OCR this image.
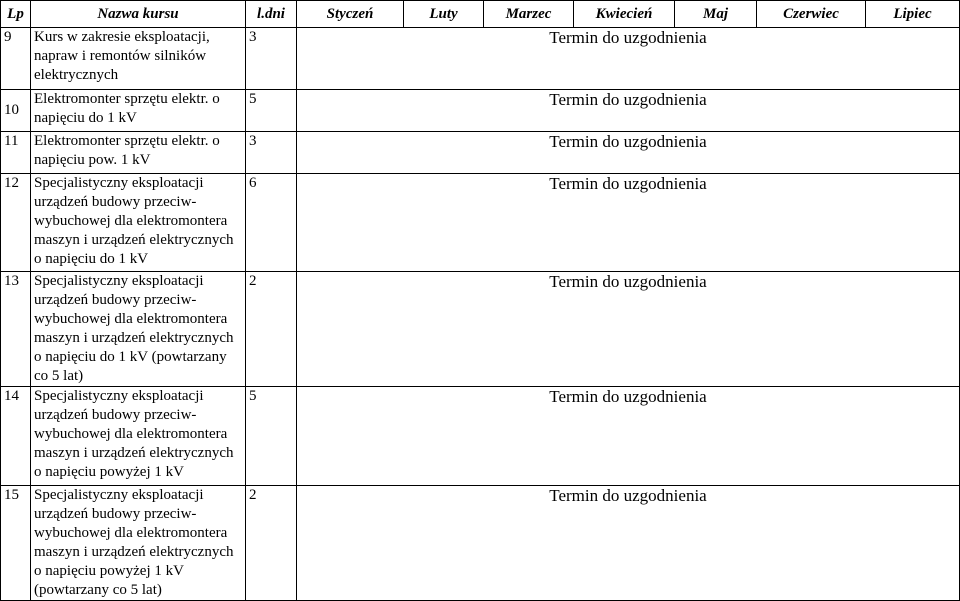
Lp	Nazwa kursu	l.dni	Styczeń	Luty	Marzec	Kwiecień	Maj	Czerwiec	Lipiec
9	Kurs w zakresie eksploatacji, napraw i remontów silników elektrycznych	3	Termin do uzgodnienia						
10	Elektromonter sprzętu elektr. o napięciu do 1 kV	5	Termin do uzgodnienia						
11	Elektromonter sprzętu elektr. o napięciu pow. 1 kV	3	Termin do uzgodnienia						
12	Specjalistyczny eksploatacji urządzeń budowy przeciw-wybuchowej dla elektromontera maszyn i urządzeń elektrycznych o napięciu do 1 kV	6	Termin do uzgodnienia						
13	Specjalistyczny eksploatacji urządzeń budowy przeciw-wybuchowej dla elektromontera maszyn i urządzeń elektrycznych o napięciu do 1 kV (powtarzany co 5 lat)	2	Termin do uzgodnienia						
14	Specjalistyczny eksploatacji urządzeń budowy przeciw-wybuchowej dla elektromontera maszyn i urządzeń elektrycznych o napięciu powyżej 1 kV	5	Termin do uzgodnienia						
15	Specjalistyczny eksploatacji urządzeń budowy przeciw-wybuchowej dla elektromontera maszyn i urządzeń elektrycznych o napięciu powyżej 1 kV (powtarzany co 5 lat)	2	Termin do uzgodnienia						
